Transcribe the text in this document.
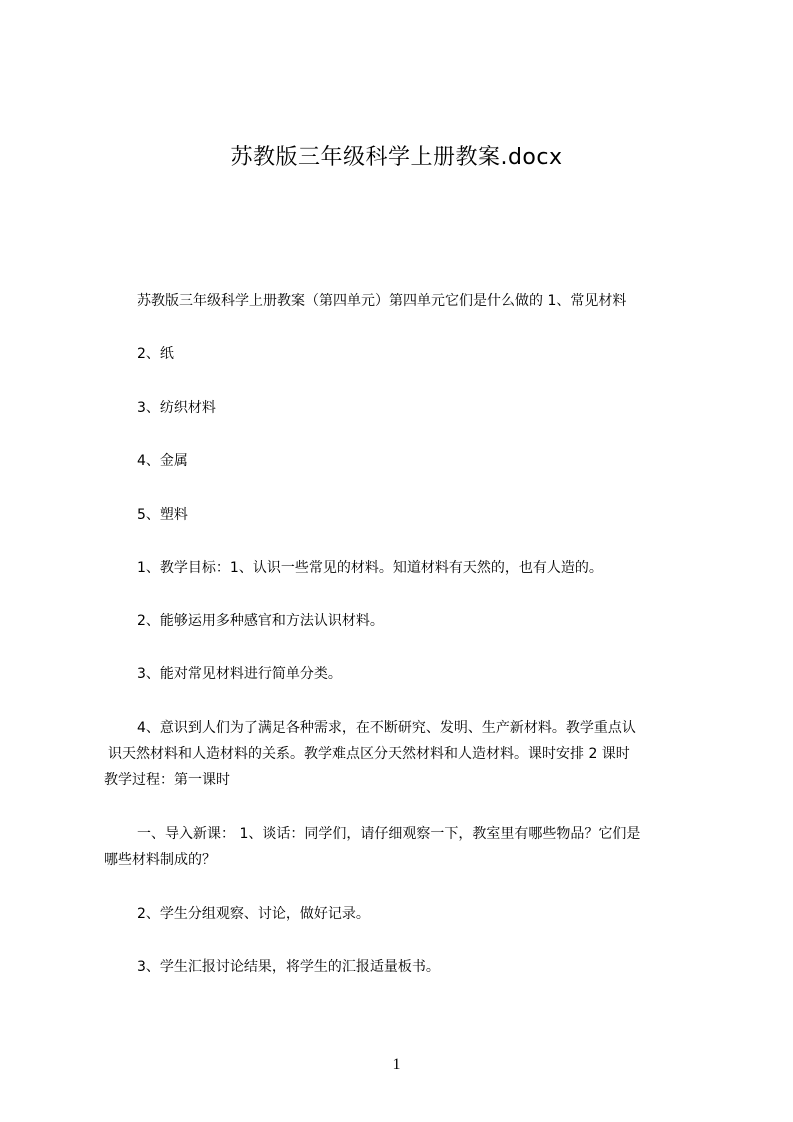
苏教版三年级科学上册教案.docx
苏教版三年级科学上册教案（第四单元）第四单元它们是什么做的 1、常见材料
2、纸
3、纺织材料
4、金属
5、塑料
1、教学目标：1、认识一些常见的材料。知道材料有天然的，也有人造的。
2、能够运用多种感官和方法认识材料。
3、能对常见材料进行简单分类。
4、意识到人们为了满足各种需求，在不断研究、发明、生产新材料。教学重点认
识天然材料和人造材料的关系。教学难点区分天然材料和人造材料。课时安排 2 课时
教学过程：第一课时
一、导入新课： 1、谈话：同学们，请仔细观察一下，教室里有哪些物品？它们是
哪些材料制成的？
2、学生分组观察、讨论，做好记录。
3、学生汇报讨论结果，将学生的汇报适量板书。
1
